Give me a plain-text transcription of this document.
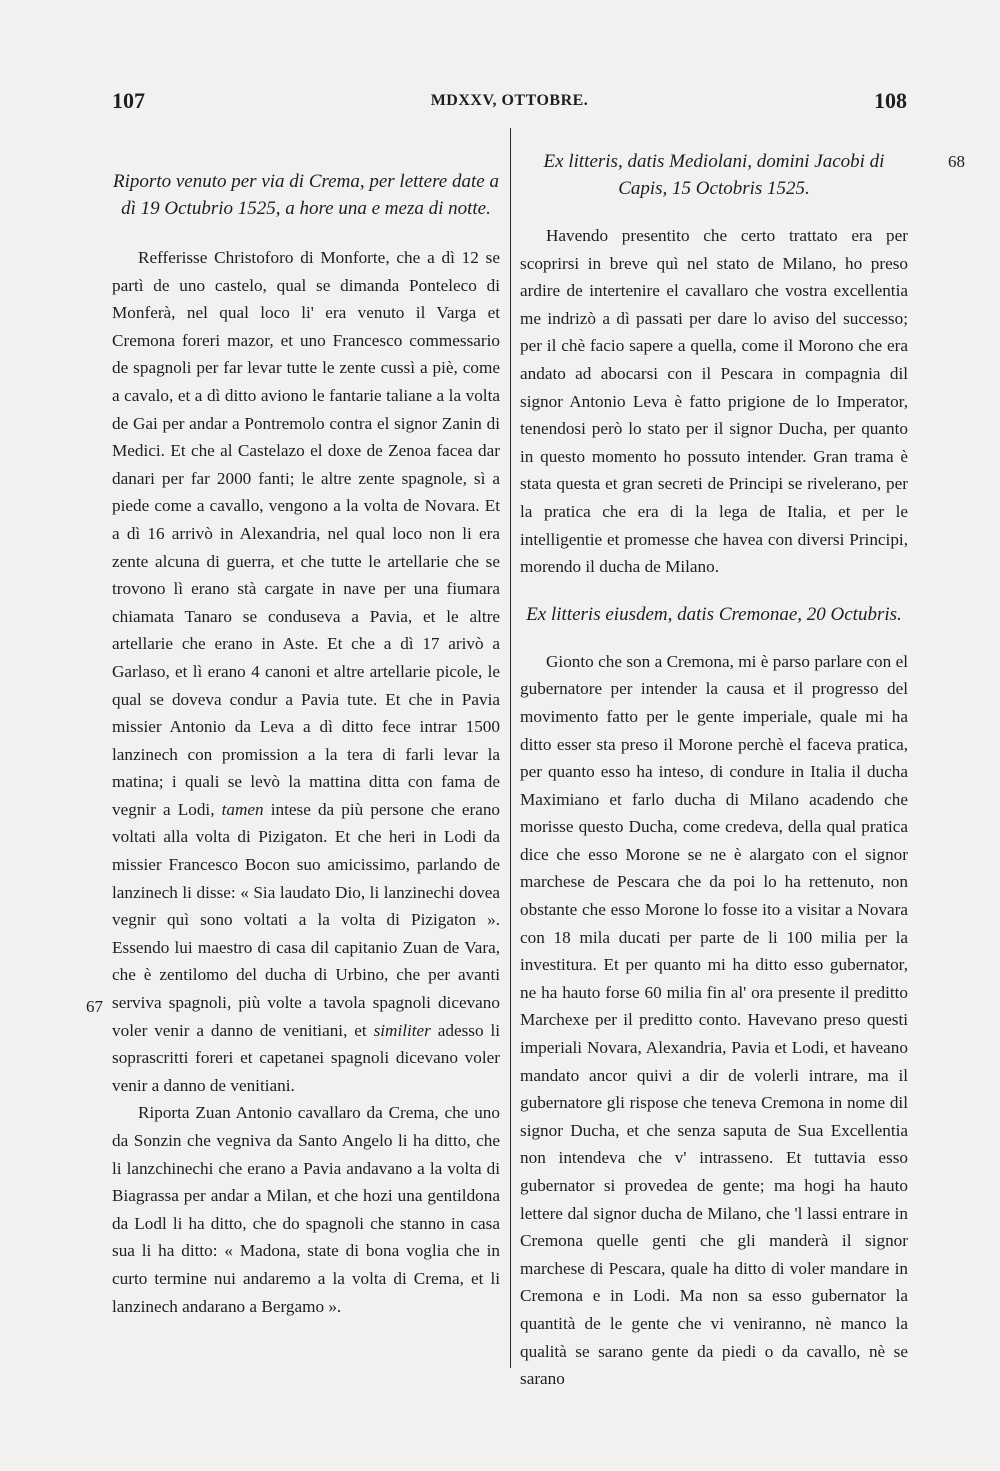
107	MDXXV, OTTOBRE.	108
68
67
Riporto venuto per via di Crema, per lettere date a dì 19 Octubrio 1525, a hore una e meza di notte.

Refferisse Christoforo di Monforte, che a dì 12 se partì de uno castelo, qual se dimanda Ponteleco di Monferà, nel qual loco li' era venuto il Varga et Cremona foreri mazor, et uno Francesco commessario de spagnoli per far levar tutte le zente cussì a piè, come a cavalo, et a dì ditto aviono le fantarie taliane a la volta de Gai per andar a Pontremolo contra el signor Zanin di Medici. Et che al Castelazo el doxe de Zenoa facea dar danari per far 2000 fanti; le altre zente spagnole, sì a piede come a cavallo, vengono a la volta de Novara. Et a dì 16 arrivò in Alexandria, nel qual loco non li era zente alcuna di guerra, et che tutte le artellarie che se trovono lì erano stà cargate in nave per una fiumara chiamata Tanaro se conduseva a Pavia, et le altre artellarie che erano in Aste. Et che a dì 17 arivò a Garlaso, et lì erano 4 canoni et altre artellarie picole, le qual se doveva condur a Pavia tute. Et che in Pavia missier Antonio da Leva a dì ditto fece intrar 1500 lanzinech con promission a la tera di farli levar la matina; i quali se levò la mattina ditta con fama de vegnir a Lodi, tamen intese da più persone che erano voltati alla volta di Pizigaton. Et che heri in Lodi da missier Francesco Bocon suo amicissimo, parlando de lanzinech li disse: « Sia laudato Dio, li lanzinechi dovea vegnir quì sono voltati a la volta di Pizigaton ». Essendo lui maestro di casa dil capitanio Zuan de Vara, che è zentilomo del ducha di Urbino, che per avanti serviva spagnoli, più volte a tavola spagnoli dicevano voler venir a danno de venitiani, et similiter adesso li soprascritti foreri et capetanei spagnoli dicevano voler venir a danno de venitiani.

Riporta Zuan Antonio cavallaro da Crema, che uno da Sonzin che vegniva da Santo Angelo li ha ditto, che li lanzchinechi che erano a Pavia andavano a la volta di Biagrassa per andar a Milan, et che hozi una gentildona da Lodl li ha ditto, che do spagnoli che stanno in casa sua li ha ditto: « Madona, state di bona voglia che in curto termine nui andaremo a la volta di Crema, et li lanzinech andarano a Bergamo ».

Ex litteris, datis Mediolani, domini Jacobi di Capis, 15 Octobris 1525.

Havendo presentito che certo trattato era per scoprirsi in breve quì nel stato de Milano, ho preso ardire de intertenire el cavallaro che vostra excellentia me indrizò a dì passati per dare lo aviso del successo; per il chè facio sapere a quella, come il Morono che era andato ad abocarsi con il Pescara in compagnia dil signor Antonio Leva è fatto prigione de lo Imperator, tenendosi però lo stato per il signor Ducha, per quanto in questo momento ho possuto intender. Gran trama è stata questa et gran secreti de Principi se rivelerano, per la pratica che era di la lega de Italia, et per le intelligentie et promesse che havea con diversi Principi, morendo il ducha de Milano.

Ex litteris eiusdem, datis Cremonae, 20 Octubris.

Gionto che son a Cremona, mi è parso parlare con el gubernatore per intender la causa et il progresso del movimento fatto per le gente imperiale, quale mi ha ditto esser sta preso il Morone perchè el faceva pratica, per quanto esso ha inteso, di condure in Italia il ducha Maximiano et farlo ducha di Milano acadendo che morisse questo Ducha, come credeva, della qual pratica dice che esso Morone se ne è alargato con el signor marchese de Pescara che da poi lo ha rettenuto, non obstante che esso Morone lo fosse ito a visitar a Novara con 18 mila ducati per parte de li 100 milia per la investitura. Et per quanto mi ha ditto esso gubernator, ne ha hauto forse 60 milia fin al' ora presente il preditto Marchexe per il preditto conto. Havevano preso questi imperiali Novara, Alexandria, Pavia et Lodi, et haveano mandato ancor quivi a dir de volerli intrare, ma il gubernatore gli rispose che teneva Cremona in nome dil signor Ducha, et che senza saputa de Sua Excellentia non intendeva che v' intrasseno. Et tuttavia esso gubernator si provedea de gente; ma hogi ha hauto lettere dal signor ducha de Milano, che 'l lassi entrare in Cremona quelle genti che gli manderà il signor marchese di Pescara, quale ha ditto di voler mandare in Cremona e in Lodi. Ma non sa esso gubernator la quantità de le gente che vi veniranno, nè manco la qualità se sarano gente da piedi o da cavallo, nè se sarano
